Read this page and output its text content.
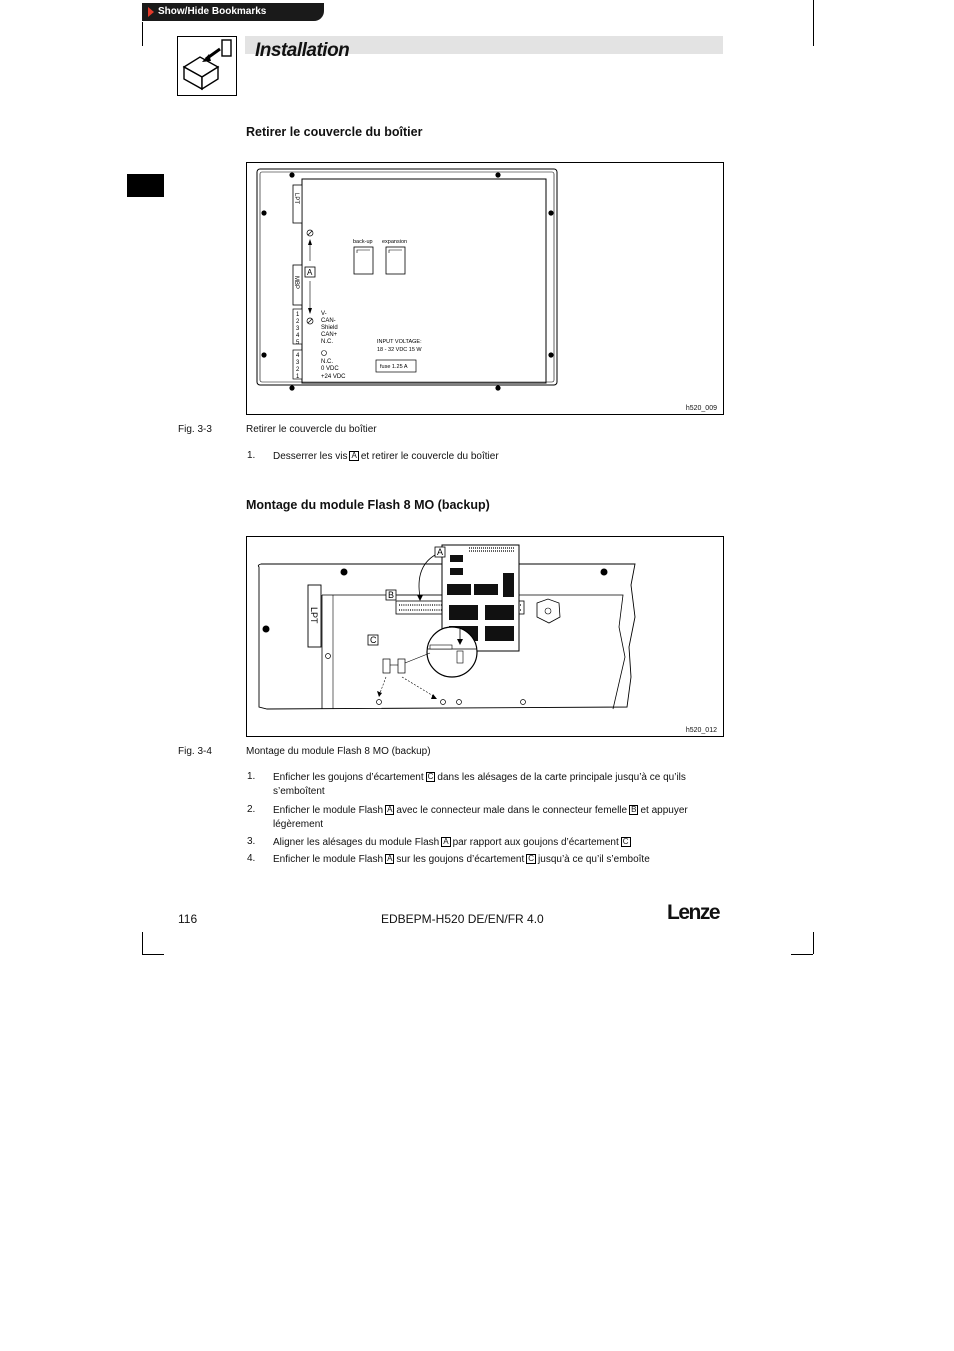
Show/Hide Bookmarks
Installation
Retirer le couvercle du boîtier
LPT
MBP
A
1
2
3
4
5
V-
CAN-
Shield
CAN+
N.C.
4
3
2
1
N.C.
0 VDC
+24 VDC
back-up expansion
INPUT VOLTAGE:
18 - 32 VDC 15 W
fuse 1.25 A
h520_009
Fig. 3-3	Retirer le couvercle du boîtier
1. Desserrer les vis A et retirer le couvercle du boîtier
Montage du module Flash 8 MO (backup)
LPT
B
A
C
h520_012
Fig. 3-4	Montage du module Flash 8 MO (backup)
1. Enficher les goujons d’écartement C dans les alésages de la carte principale jusqu’à ce qu’ils s’emboîtent
2. Enficher le module Flash A avec le connecteur male dans le connecteur femelle B et appuyer légèrement
3. Aligner les alésages du module Flash A par rapport aux goujons d’écartement C
4. Enficher le module Flash A sur les goujons d’écartement C jusqu’à ce qu’il s’emboîte
116	EDBEPM-H520 DE/EN/FR 4.0	Lenze
